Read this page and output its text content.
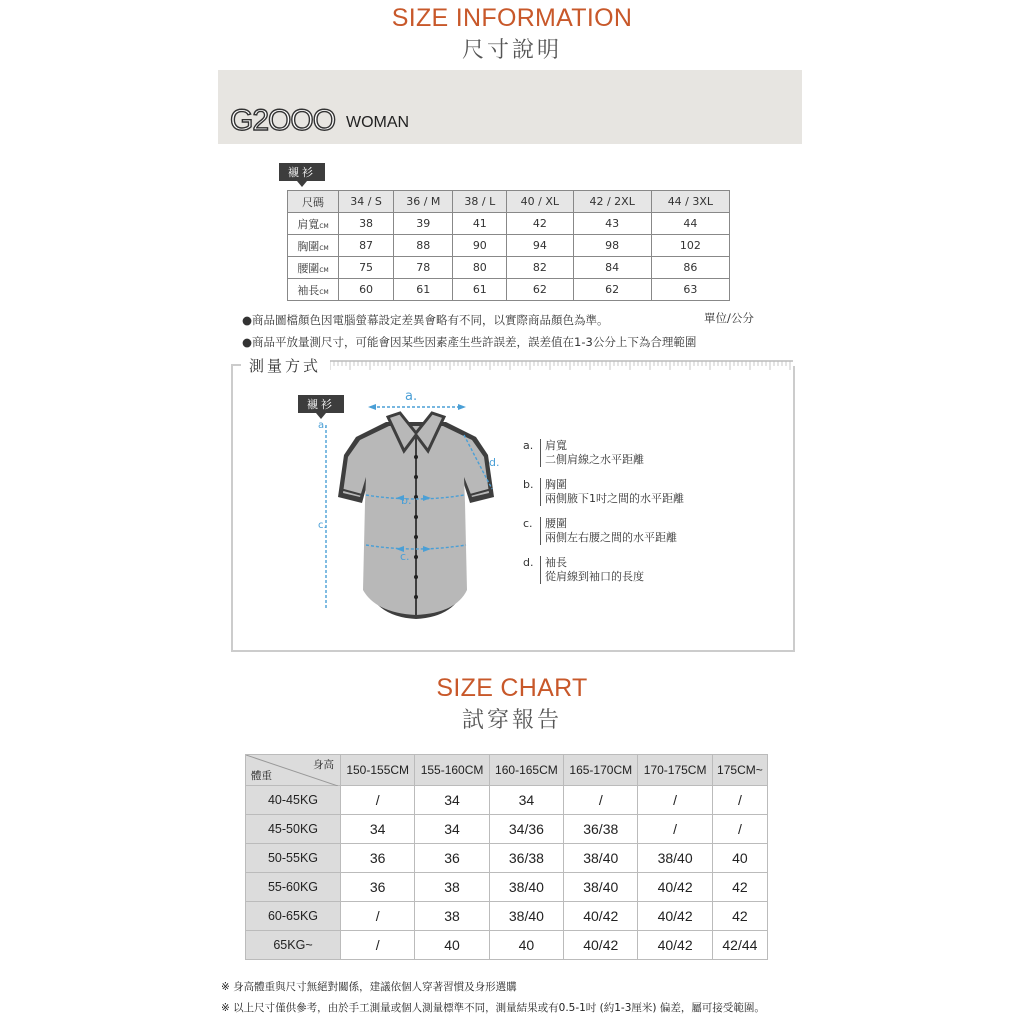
SIZE INFORMATION
尺寸說明
G2OOO WOMAN
襯衫
尺碼	34 / S	36 / M	38 / L	40 / XL	42 / 2XL	44 / 3XL
肩寬CM	38	39	41	42	43	44
胸圍CM	87	88	90	94	98	102
腰圍CM	75	78	80	82	84	86
袖長CM	60	61	61	62	62	63
●商品圖檔顏色因電腦螢幕設定差異會略有不同，以實際商品顏色為準。	單位/公分
●商品平放量測尺寸，可能會因某些因素產生些許誤差，誤差值在1-3公分上下為合理範圍
測量方式
襯衫
a.
a.
b.
c.
c.
d.
a. 肩寬
二側肩線之水平距離
b. 胸圍
兩側腋下1吋之間的水平距離
c. 腰圍
兩側左右腰之間的水平距離
d. 袖長
從肩線到袖口的長度
SIZE CHART
試穿報告
身高
體重	150-155CM	155-160CM	160-165CM	165-170CM	170-175CM	175CM~
40-45KG	/	34	34	/	/	/
45-50KG	34	34	34/36	36/38	/	/
50-55KG	36	36	36/38	38/40	38/40	40
55-60KG	36	38	38/40	38/40	40/42	42
60-65KG	/	38	38/40	40/42	40/42	42
65KG~	/	40	40	40/42	40/42	42/44
※ 身高體重與尺寸無絕對關係，建議依個人穿著習慣及身形選購
※ 以上尺寸僅供參考，由於手工測量或個人測量標準不同，測量結果或有0.5-1吋 (約1-3厘米) 偏差，屬可接受範圍。
